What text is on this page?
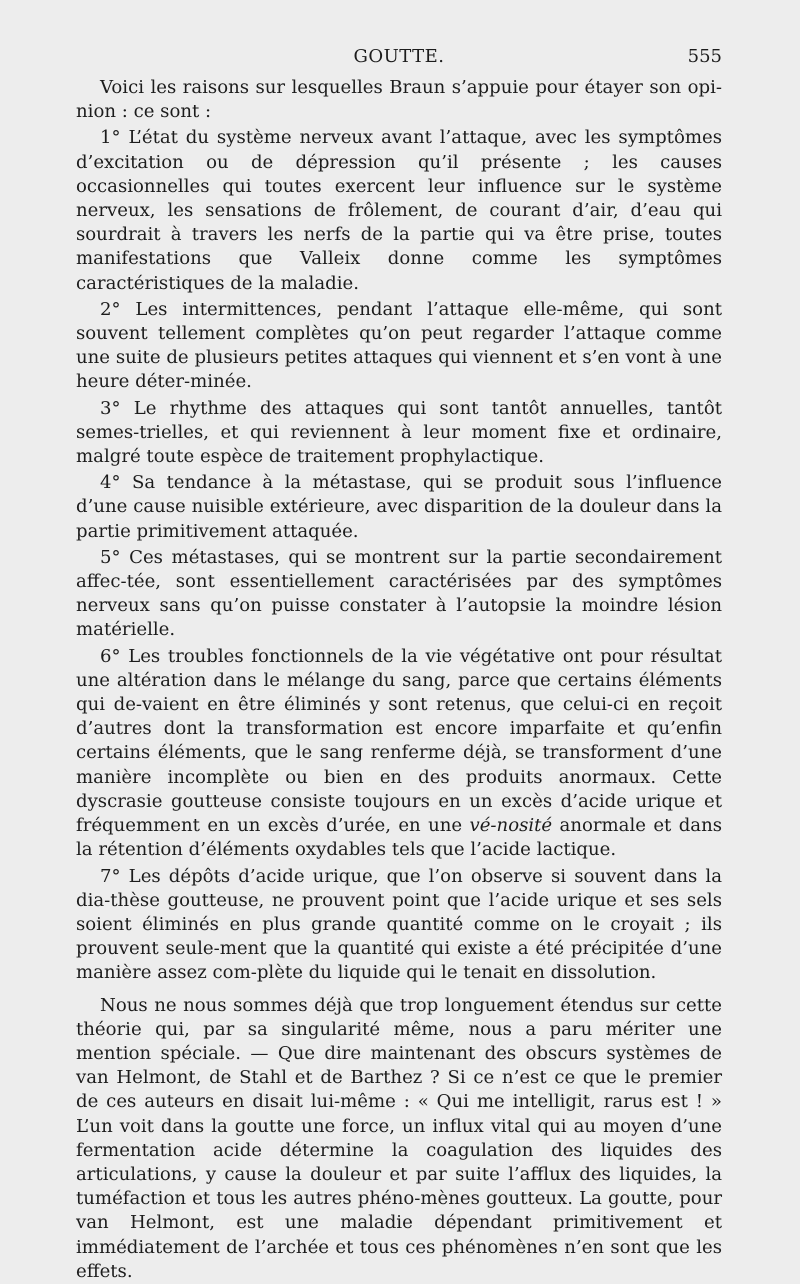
GOUTTE.	555

Voici les raisons sur lesquelles Braun s’appuie pour étayer son opi-nion : ce sont :

1° L’état du système nerveux avant l’attaque, avec les symptômes d’excitation ou de dépression qu’il présente ; les causes occasionnelles qui toutes exercent leur influence sur le système nerveux, les sensations de frôlement, de courant d’air, d’eau qui sourdrait à travers les nerfs de la partie qui va être prise, toutes manifestations que Valleix donne comme les symptômes caractéristiques de la maladie.

2° Les intermittences, pendant l’attaque elle-même, qui sont souvent tellement complètes qu’on peut regarder l’attaque comme une suite de plusieurs petites attaques qui viennent et s’en vont à une heure déter-minée.

3° Le rhythme des attaques qui sont tantôt annuelles, tantôt semes-trielles, et qui reviennent à leur moment fixe et ordinaire, malgré toute espèce de traitement prophylactique.

4° Sa tendance à la métastase, qui se produit sous l’influence d’une cause nuisible extérieure, avec disparition de la douleur dans la partie primitivement attaquée.

5° Ces métastases, qui se montrent sur la partie secondairement affec-tée, sont essentiellement caractérisées par des symptômes nerveux sans qu’on puisse constater à l’autopsie la moindre lésion matérielle.

6° Les troubles fonctionnels de la vie végétative ont pour résultat une altération dans le mélange du sang, parce que certains éléments qui de-vaient en être éliminés y sont retenus, que celui-ci en reçoit d’autres dont la transformation est encore imparfaite et qu’enfin certains éléments, que le sang renferme déjà, se transforment d’une manière incomplète ou bien en des produits anormaux. Cette dyscrasie goutteuse consiste toujours en un excès d’acide urique et fréquemment en un excès d’urée, en une vé-nosité anormale et dans la rétention d’éléments oxydables tels que l’acide lactique.

7° Les dépôts d’acide urique, que l’on observe si souvent dans la dia-thèse goutteuse, ne prouvent point que l’acide urique et ses sels soient éliminés en plus grande quantité comme on le croyait ; ils prouvent seule-ment que la quantité qui existe a été précipitée d’une manière assez com-plète du liquide qui le tenait en dissolution.

Nous ne nous sommes déjà que trop longuement étendus sur cette théorie qui, par sa singularité même, nous a paru mériter une mention spéciale. — Que dire maintenant des obscurs systèmes de van Helmont, de Stahl et de Barthez ? Si ce n’est ce que le premier de ces auteurs en disait lui-même : « Qui me intelligit, rarus est ! » L’un voit dans la goutte une force, un influx vital qui au moyen d’une fermentation acide détermine la coagulation des liquides des articulations, y cause la douleur et par suite l’afflux des liquides, la tuméfaction et tous les autres phéno-mènes goutteux. La goutte, pour van Helmont, est une maladie dépendant primitivement et immédiatement de l’archée et tous ces phénomènes n’en sont que les effets.
